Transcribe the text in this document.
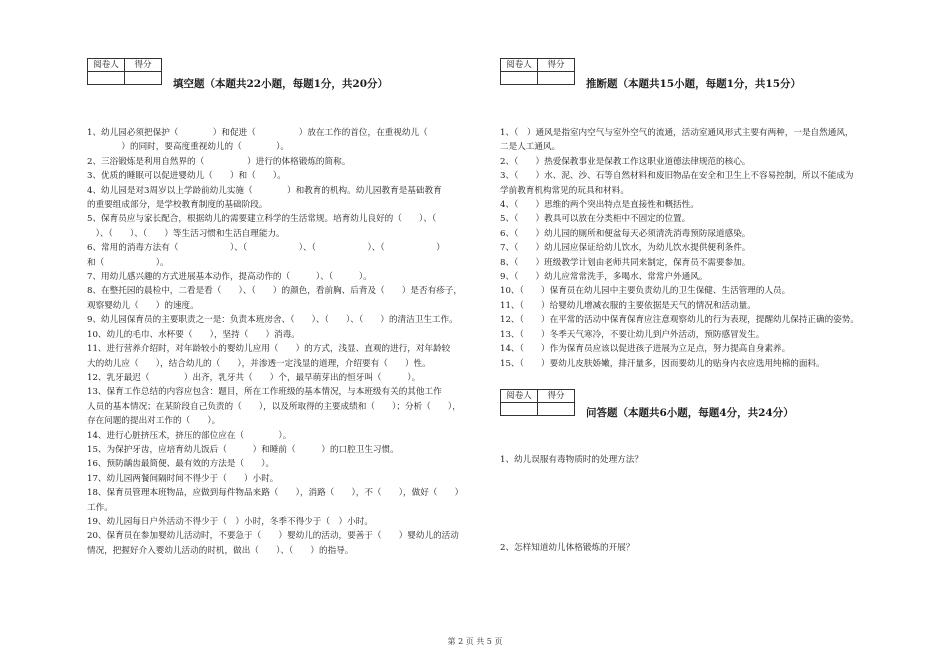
阅卷人	得分

填空题（本题共22小题，每题1分，共20分）
1、幼儿园必须把保护（　　　　）和促进（　　　　　）放在工作的首位，在重视幼儿（　　
　　　　）的同时，要高度重视幼儿的（　　　　）。
2、三浴锻炼是利用自然界的（　　　　　）进行的体格锻炼的简称。
3、优质的睡眠可以促进婴幼儿（　　）和（　　）。
4、幼儿园是对3周岁以上学龄前幼儿实施（　　　　）和教育的机构。幼儿园教育是基础教育
的重要组成部分，是学校教育制度的基础阶段。
5、保育员应与家长配合，根据幼儿的需要建立科学的生活常规。培育幼儿良好的（　　）、（
　）、（　　）、（　　）等生活习惯和生活自理能力。
6、常用的消毒方法有（　　　　　　）、（　　　　　　）、（　　　　　　）、（　　　　　　）
和（　　　　　　）。
7、用幼儿感兴趣的方式进展基本动作，提高动作的（　　　）、（　　　）。
8、在整托园的晨检中，二看是看（　　）、（　　）的颜色，看前胸、后背及（　　）是否有疹子，
观察婴幼儿（　　）的速度。
9、幼儿园保育员的主要职责之一是：负责本班房舍、（　　）、（　　）、（　　）的清洁卫生工作。
10、幼儿的毛巾、水杯要（　　），坚持（　　）消毒。
11、进行营养介绍时，对年龄较小的婴幼儿应用（　　）的方式，浅显、直观的进行，对年龄较
大的幼儿应（　　），结合幼儿的（　　），并渗透一定浅显的道理，介绍要有（　　）性。
12、乳牙最迟（　　　　）出齐，乳牙共（　　）个，最早萌芽出的恒牙叫（　　　）。
13、保育工作总结的内容应包含：题目，所在工作班级的基本情况，与本班级有关的其他工作
人员的基本情况；在某阶段自己负责的（　　），以及所取得的主要成绩和（　　）；分析（　　），
存在问题的提出对工作的（　　）。
14、进行心脏挤压术，挤压的部位应在（　　　　）。
15、为保护牙齿，应培育幼儿饭后（　　　）和睡前（　　　）的口腔卫生习惯。
16、预防龋齿最简便、最有效的方法是（　　）。
17、幼儿园两餐间隔时间不得少于（　　）小时。
18、保育员管理本班物品，应做到每件物品来路（　　），消路（　　），不（　　），做好（　　）
工作。
19、幼儿园每日户外活动不得少于（　）小时，冬季不得少于（　）小时。
20、保育员在参加婴幼儿活动时，不要急于（　　）婴幼儿的活动，要善于（　　）婴幼儿的活动
情况，把握好介入婴幼儿活动的时机，做出（　　）、（　　）的指导。
阅卷人	得分

推断题（本题共15小题，每题1分，共15分）
1、（　）通风是指室内空气与室外空气的流通，活动室通风形式主要有两种，一是自然通风，
二是人工通风。
2、（　　）热爱保教事业是保教工作这职业道德法律规范的核心。
3、（　　）水、泥、沙、石等自然材料和废旧物品在安全和卫生上不容易控制，所以不能成为
学前教育机构常见的玩具和材料。
4、（　　）思维的两个突出特点是直接性和概括性。
5、（　　）教具可以放在分类柜中不固定的位置。
6、（　　）幼儿园的厕所和便盆每天必须清洗消毒预防尿道感染。
7、（　　）幼儿园应保证给幼儿饮水，为幼儿饮水提供便利条件。
8、（　　）班级教学计划由老师共同来制定，保育员不需要参加。
9、（　　）幼儿应常常洗手，多喝水、常常户外通风。
10、（　　）保育员在幼儿园中主要负责幼儿的卫生保健、生活管理的人员。
11、（　　）给婴幼儿增减衣服的主要依据是天气的情况和活动量。
12、（　　）在平常的活动中保育保育应注意观察幼儿的行为表现，提醒幼儿保持正确的姿势。
13、（　　）冬季天气寒冷，不要让幼儿到户外活动，预防感冒发生。
14、（　　）作为保育员应该以促进孩子进展为立足点，努力提高自身素养。
15、（　　）要幼儿皮肤娇嫩，排汗量多，因而要幼儿的贴身内衣应选用纯棉的面料。
阅卷人	得分

问答题（本题共6小题，每题4分，共24分）
1、幼儿误服有毒物质时的处理方法？
2、怎样知道幼儿体格锻炼的开展？
第 2 页 共 5 页
